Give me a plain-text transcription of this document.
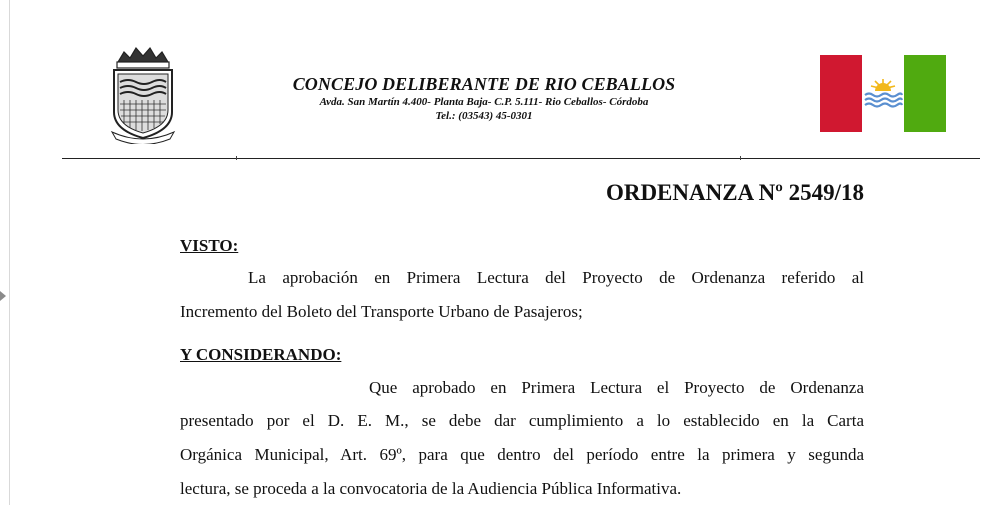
CONCEJO DELIBERANTE DE RIO CEBALLOS
Avda. San Martín 4.400- Planta Baja- C.P. 5.111- Rio Ceballos- Córdoba
Tel.: (03543) 45-0301
ORDENANZA Nº 2549/18
VISTO:
La aprobación en Primera Lectura del Proyecto de Ordenanza referido al
Incremento del Boleto del Transporte Urbano de Pasajeros;
Y CONSIDERANDO:
Que aprobado en Primera Lectura el Proyecto de Ordenanza
presentado por el D. E. M., se debe dar cumplimiento a lo establecido en la Carta
Orgánica Municipal, Art. 69º, para que dentro del período entre la primera y segunda
lectura, se proceda a la convocatoria de la Audiencia Pública Informativa.
